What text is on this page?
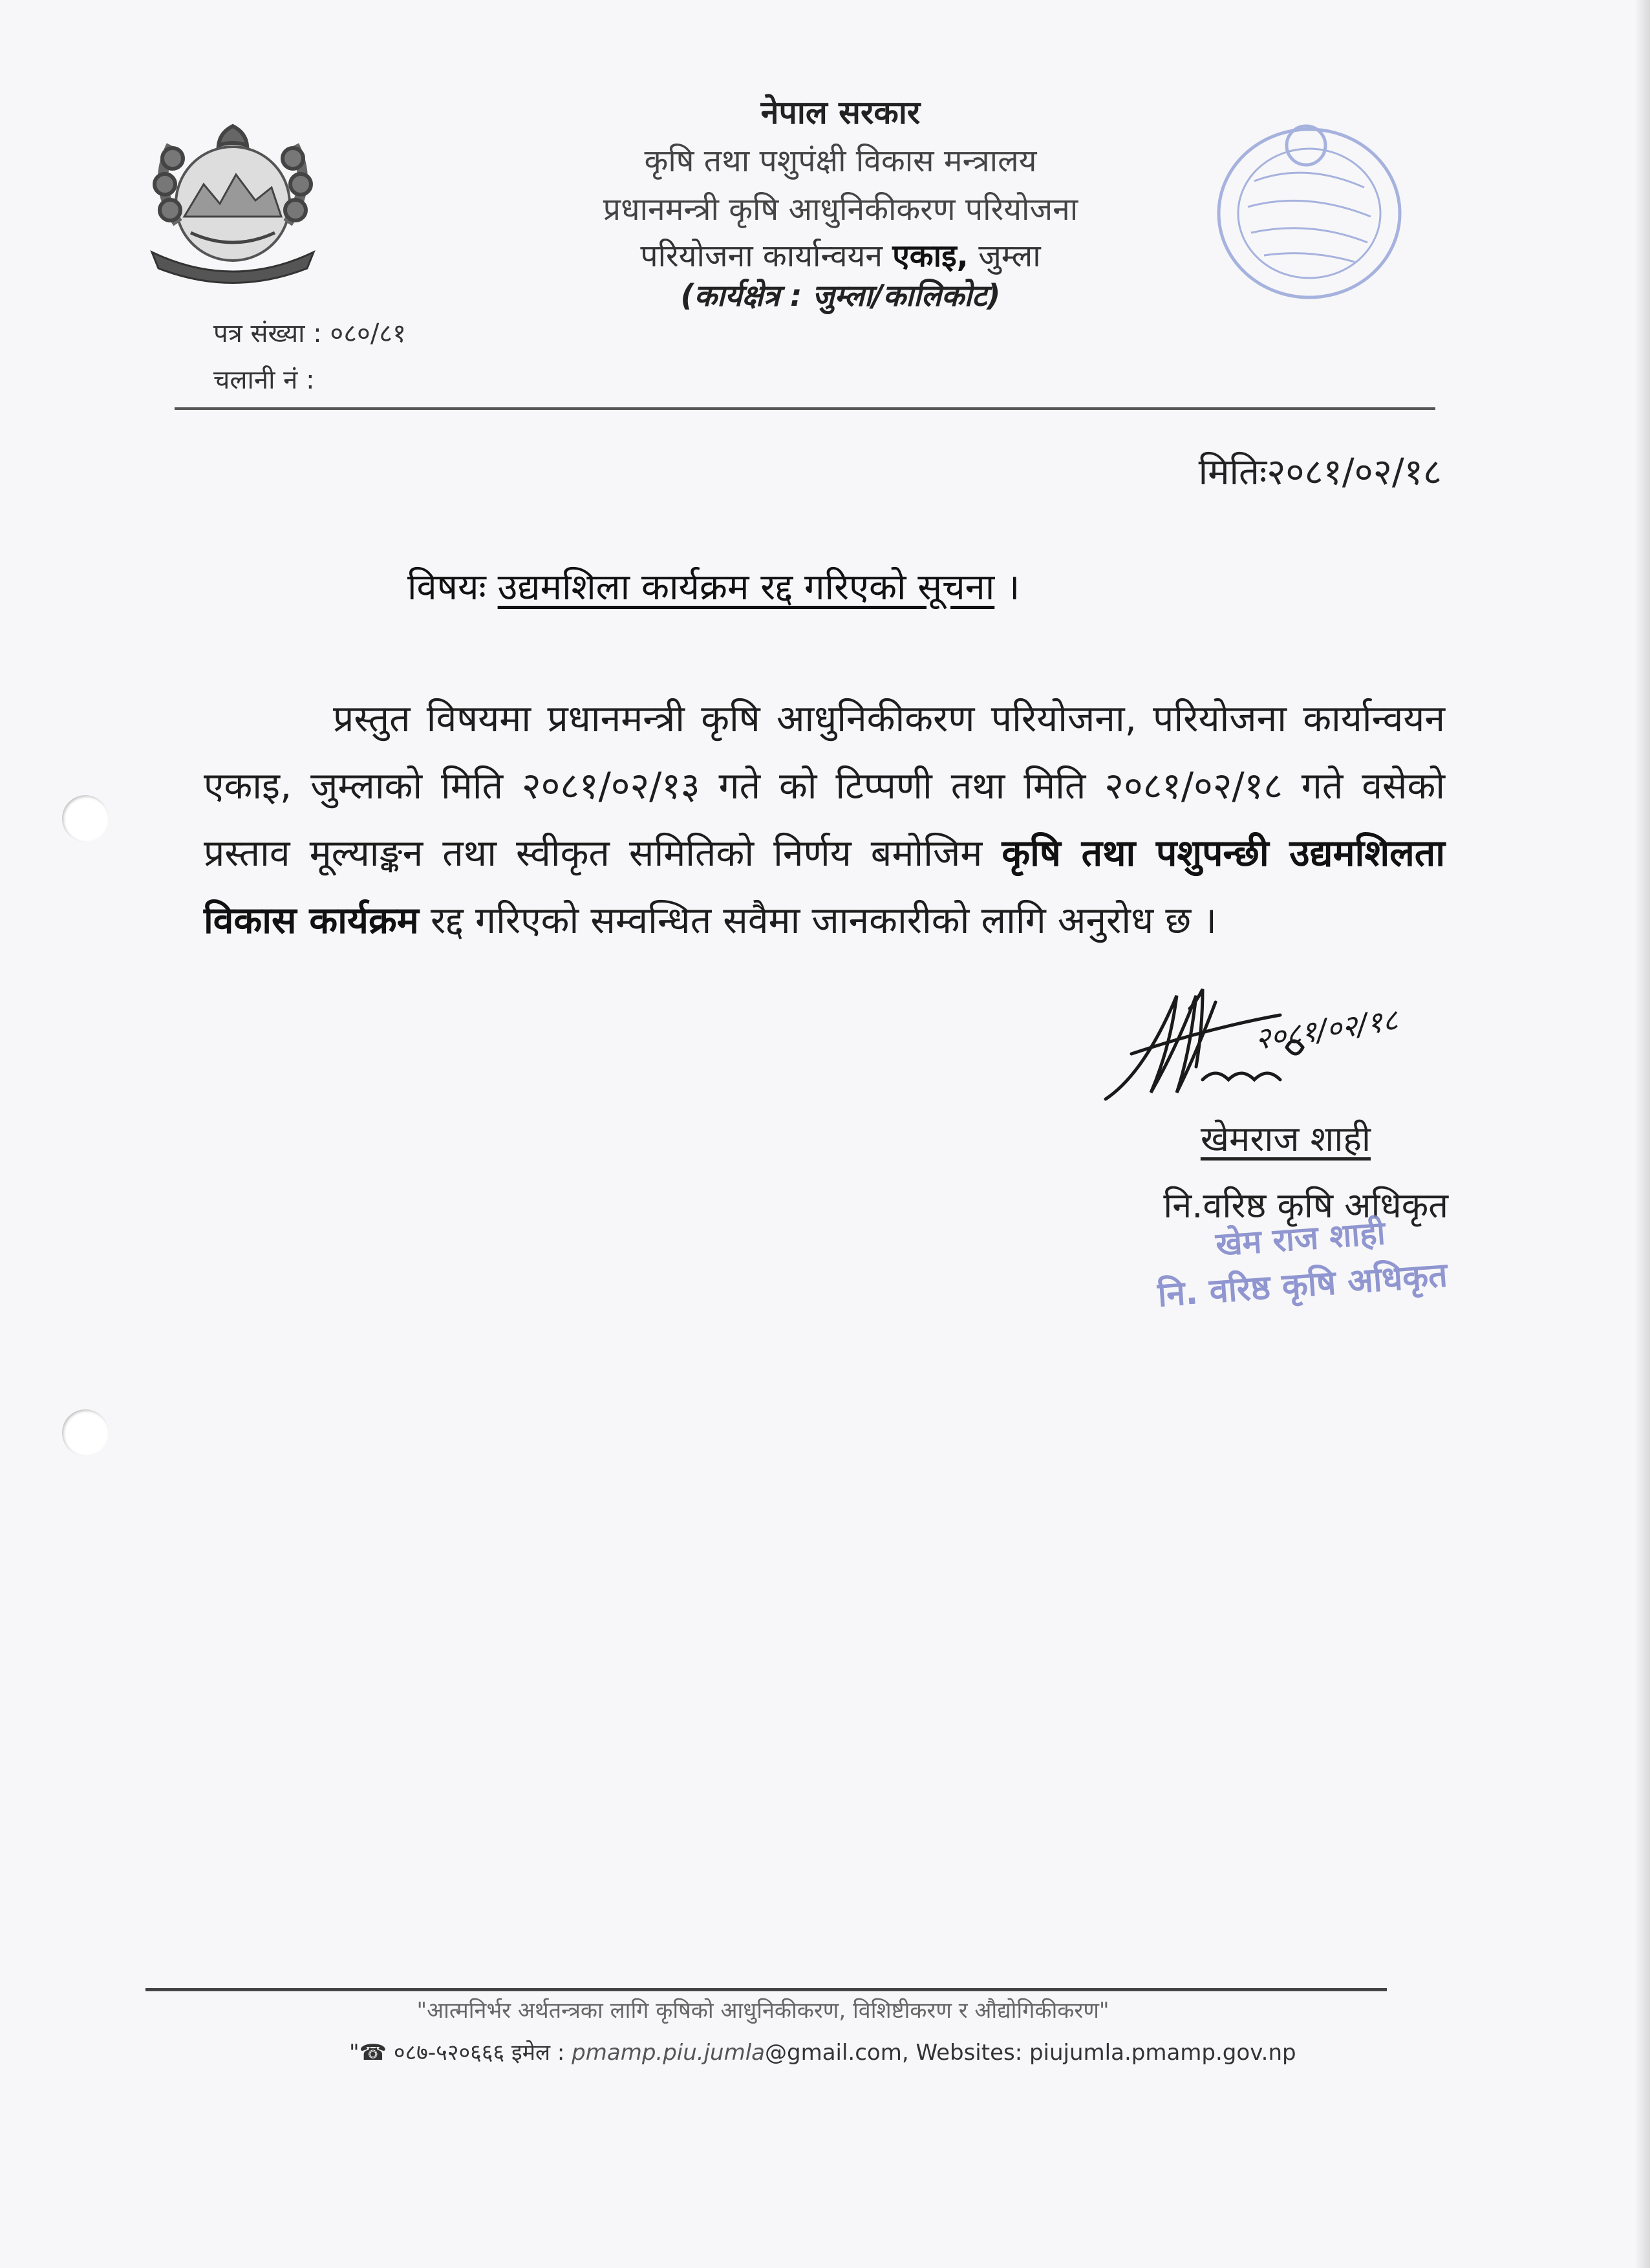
नेपाल सरकार
कृषि तथा पशुपंक्षी विकास मन्त्रालय
प्रधानमन्त्री कृषि आधुनिकीकरण परियोजना
परियोजना कार्यान्वयन एकाइ, जुम्ला
(कार्यक्षेत्र : जुम्ला/कालिकोट)
पत्र संख्या : ०८०/८१
चलानी नं :
मितिः२०८१/०२/१८
विषयः उद्यमशिला कार्यक्रम रद्द गरिएको सूचना ।
प्रस्तुत विषयमा प्रधानमन्त्री कृषि आधुनिकीकरण परियोजना, परियोजना कार्यान्वयन एकाइ, जुम्लाको मिति २०८१/०२/१३ गते को टिप्पणी तथा मिति २०८१/०२/१८ गते वसेको प्रस्ताव मूल्याङ्कन तथा स्वीकृत समितिको निर्णय बमोजिम कृषि तथा पशुपन्छी उद्यमशिलता विकास कार्यक्रम रद्द गरिएको सम्वन्धित सवैमा जानकारीको लागि अनुरोध छ ।
२०८१/०२/१८
खेमराज शाही
नि.वरिष्ठ कृषि अधिकृत
खेम राज शाही
नि. वरिष्ठ कृषि अधिकृत
"आत्मनिर्भर अर्थतन्त्रका लागि कृषिको आधुनिकीकरण, विशिष्टीकरण र औद्योगिकीकरण"
"☎ ०८७-५२०६६६ इमेल : pmamp.piu.jumla@gmail.com, Websites: piujumla.pmamp.gov.np
